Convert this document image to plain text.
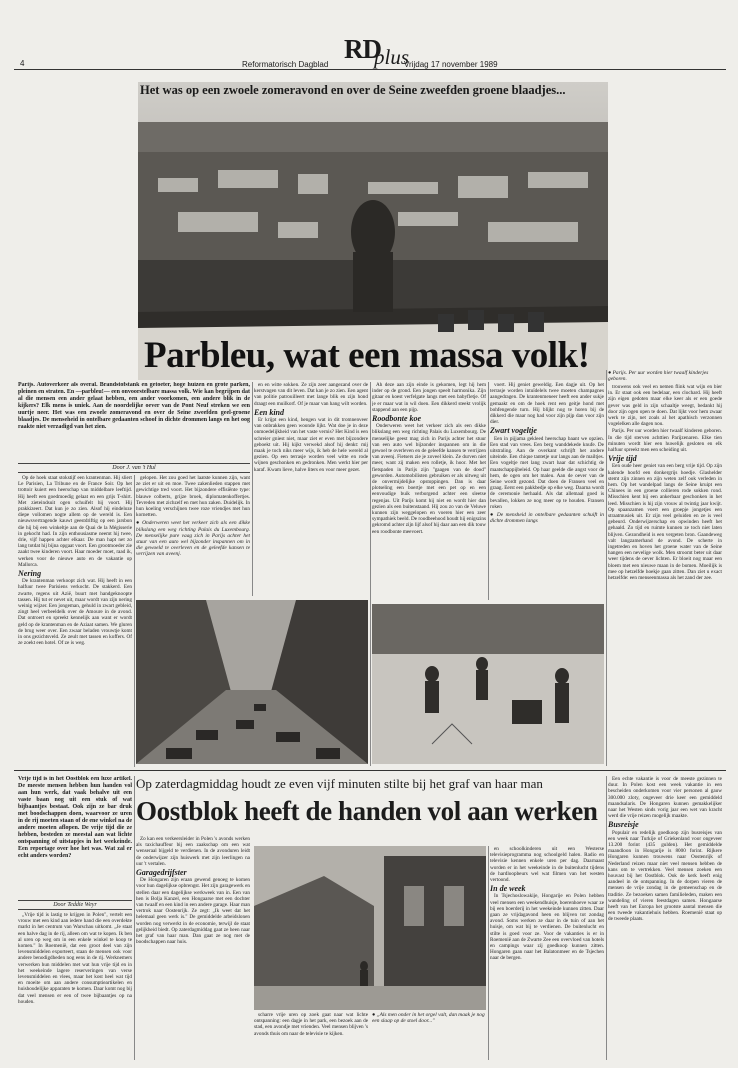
4	RD
plus
Reformatorisch Dagblad	Vrijdag 17 november 1989
Het was op een zwoele zomeravond en over de Seine zweefden groene blaadjes...
Parbleu, wat een massa volk!
Parijs. Autoverkeer als overal. Brandstofstank en getoeter, hoge huizen en grote parken, pleinen en straten. En —parbleu!— een onvoorstelbare massa volk. Wie kan begrijpen dat al die mensen een ander gelaat hebben, een ander voorkomen, een andere blik in de kijkers? Elk mens is uniek. Aan de noordelijke oever van de Pont Neuf streken we een uurtje neer. Het was een zwoele zomeravond en over de Seine zweefden geel-groene blaadjes. De menseheid in ontelbare gedaanten schoof in dichte drommen langs en het oog raakte niet verzadigd van het zien.
Door J. van 't Hul

Op de hoek staat stokstijf een krantenman. Hij sliert Le Parisien, La Tribune en de France Soir. Op het trottoir kuiert een heerschap van middelbare leeftijd. Hij heeft een goedmoedig gelaat en een grijs T-shirt. Met zieteindsuit ogen schuifelt hij voort. Hij prakkizeert. Dat kun je zo zien. Alsof hij eindeloze diepe vollomen nogte allem op de wereld is. Een nieuwsvertragende kauwt geestdriftig op een jarsbon die hij bij een winkeltje aan de Quai de la Mégisserie in gekocht had. In zijn enthousiasme neemt hij twee, drie, vijf happen achter elkaar. De man hapt net zo lang totdat hij bijna opgaat voort. Een grootmoeder zie zaakt twee kinderen voort. Haar moeder moet, raad ik, werken voor de nieuwe auto en de vakantie op Mallorca.

Nering

De krantenman verkoopt zich wat. Hij heeft in een halfuur twee Parisiens verkocht. De stakkerd. Een zwarte, regens uit Azië, buurt met handgeknoopte tassen. Hij tut er nevet uit, maar wordt van zijn nering weinig wijzer. Een jongeman, gehuld in zwart gebleid, zingt heel verbeeldelk over de Amoure in de avond. Dat ontroert en spreekt kennelijk aan want er wordt geld op de krantenman en de Aziaat samen. We gluren de brug weer over. Een zwaar beladen vrouwtje komt in ons gezichtsveld. Ze zeult met tassen en koffers. Of ze zoekt een hotel. Of ze is weg.

gelopen. Het zou goed het laatste kunnen zijn, want ze ziet er uit en moe. Twee zakenlieden stappen met gewichtige tred voort. Het bijzondere effisiënte type: blauwe colberts, grijze broek, diplomatenkoffertjes. Tevreden met zichzelf en met hun zaken. Duidelijk. In hun koeling verschijnen twee roze vriendjes met hun kornetten.

● Onderweren weet het verkeer zich als een dikke blikslang een weg richting Palais du Luxembourg. De menselijke pure vaag zich in Parijs achter het stuur van een auto wel bijzonder inspannen om in die gewoeld te overleven en de geleefde kansen te verrijzen van aveenj.

en en witte sokken. Ze zijn zeer aangezand over de kerstvagen van dit leven. Dat kan je zo zien. Een agent van politie patrouilleert met lange blik en zijn hond draagt een muilkorf. Of je maar van hang wilt worden.

Een kind

Er krijpt een kind, hengen wat in dit tromnenveer van onbrakken geen woonde lijkt. Wat doe je in deze onmoedelijkheid van het vaste vernis? Het Kind is een schreier gniest niet, maar ziet er even met bijzondere geboekt uit. Hij kijkt verwekd alsof hij denkt: mij maak je toch niks meer wijs, ik heb de hele wereld al gezien. Op een terrasje worden veel witte en rode wijnen geschonken en gedronken. Men werkt hier per karaf. Kwam lieve, halve liters en voor meer gezet.

Ah deze aan zijn einde is gekomen, legt hij hem inder op de grond. Een jongen speelt harmonika. Zijn gitaar en koest verfelgate langs met een babyfletje. Of je er maar wat in wil doen. Een dikkerd steekt vrolijk stappend aan een pijp.

Roodbonte koe

Onderweren weet het verkeer zich als een dikke blikslang een weg richting Palais du Luxembourg. De menselijke geest mag zich in Parijs achter het stuur van een auto wel bijzonder inspannen om in die gewoel te overleven en de geleefde kansen te verrijzen van aveenj. Fietsers zie je zoveel klein. Ze durven niet meer, want zij maken een rolletje, ik hoor. Met het fietspaden in Parijs zijn "gaagen van de dood" geworden. Automobilisten gebruiken er als uitweg uit de onvermijdelijke opstoppingen. Dan is daar plotseling een boertje met een pet op en een eenvoudige buik verborgend achter een sleetse regenjas. Uit Parijs komt hij niet en wordt hier dan gezien als een buitenstaand. Hij zou zo van de Veluwe kunnen zijn weggelopen en voeren hier een zeer sympathiek beeld. De roodbeehood houdt hij enigszins gekromd achter zijn lijf alsof hij daar aan een dik touw een roodbonte meevoert.

voert. Hij geniet geweldig. Een dagje uit. Op het terrasje worden intuïdelels twee moeten champagnes aangedragen. De krantenmeneer heeft een ander sukje gemaakt en om de hoek rent een geitje hond met bohfengende turn. Hij blijkt nog te horen bij de dikkerd die maar nog had voor zijn pijp dan voor zijn dier.

Zwart vogeltje

Een in pijjama gekleed heerschap baant we opzien. Een stad van vrees. Een berg wanddekede knufe. De uitstraling. Aan de overkant schrijft het andere uiteinde. Een chique tantetje uur langs aan de mailtjes. Een vogeltje met lang zwart haar dat schichtig de maatschappijbeleid. Op haar geelde die angst voor de hem, de ogen om het maleu. Aan de oever van de Seine wordt gezond. Dat doen de Fransen veel en graag. Eerst een pakkbedje op elke weg. Daarna wordt de ceremonie herhaald. Als dat allemaal goed is bevallen, lokken ze nog meer op te houden. Fransen roken

● De mensheid in ontelbare gedaanten schuift in dichte drommen langs

● Parijs. Per uur worden hier twaalf kinderjes geboren.

trouwens ook veel en nemen flink wat wijn en bier in. Er staat ook een bedelaar, een clochard. Hij heeft zijn eigen gedoten maar elke keer als er een goede gever was geld in zijn schaaltje weegt, bedankt hij door zijn ogen open te doen. Dat lijkt voor hem zwaar werk te zijn, net zoals al het apathisch verzonnen vogelelken alle dagen nou.

Parijs. Per uur worden hier twaalf kinderen geboren. In die tijd sterven achttien Parijzenaren. Elke tien minuten wordt hier een huwelijk gesloten en elk halfuur spreekt men een scheiding uit.

Vrije tijd

Een oude heer geniet van een berg vrije tijd. Op zijn kalende hoofd een donkergrijs hoedje. Glashelder stemt zijn zinnen en zijn weten zelf ook verleden in hem. Op het wandelpad langs de Seine kruipt een Chinees in een groene collieren rode sokken rond. Misschien kent hij een ankerbaar geschonken in het leed. Misschien is hij zijn vrouw al twintig jaar kwijt. Op spaanzamen voert een groepje jongetjes een straatmusiek uit. Er zijn veel geluiden en ze is veel gebeurd. Onderwijzerschap en opwinden heeft het gehaald. Zo tijd en ruimte kunnen ze toch niet laten blijven. Gezondheid is een vergeten bron. Gaandeweg valt langzamerhand de avond. De scherte in ingetreden en hoven het groene water van de Seine hangen een nevelige wolk. Men stroomt beter uit daar weer tijdens de oever lichten. Er bloeit nog maar een bloem met een nieuwe maan in de bomen. Moeilijk is mee op hetzelfde hoekje gaan zitten. Dan ziet u exact hetzelfde: een menseenmassa als het zand der zee.

Op zaterdagmiddag houdt ze even vijf minuten stilte bij het graf van haar man
Oostblok heeft de handen vol aan werken
Vrije tijd is in het Oostblok een luxe artikel. De meeste mensen hebben hun handen vol aan hun werk, dat vaak behalve uit een vaste baan nog uit een stuk of wat bijbaantjes bestaat. Ook zijn ze bar druk met boodschappen doen, waarvoor ze uren in de rij moeten staan of de ene winkel na de andere moeten aflopen. De vrije tijd die ze hebben, besteden ze meestal aan wat lichte ontspanning of uitstapjes in het weekeinde. Een reportage over hoe het was. Wat zal er echt anders worden?
Door Teddie Weyr

„Vrije tijd is lastig te krijgen in Polen", vertelt een vrouw met een kind aan iedere hand die een overdekte markt in het centrum van Warschau uitkomt. „Je staat een halve dag in de rij, alleen om wat te kopen. Ik ben al uren op weg om in een enkele winkel te koop te komen." In Roemenië, dat een groot deel van zijn levensmiddelen exporteert, staan de mensen ook voor andere benodigdheden nog eens in de rij. Werknemers verwerken hun middelen met wat hun vrije tijd en in het weekeinde lagere reserveringen van verse levensmiddelen en vlees, maar het kost heel wat tijd en moeite om aan andere consumptieartikelen en huishoudelijke apparaten te komen. Daar komt nog bij dat veel mensen er een of twee bijbaantjes op na houden.

Zo kan een verkeersleider in Polen 's avonds werken als taxichauffeur bij een zaakschap om een wat wenseraal bijgeld te verdienen. In de avonduren leidt de onderwijzer zijn huiswerk met zijn leerlingen na uur 't vertalen.

Garagedrijfster

De Hongaren zijn eraan gewend genoeg te komen voor hun dagelijkse opbrengst. Het zijn garagewerk en stellen daar een dagelijkse werkweek van in. Een van hen is Bolja Kanzel, een Hongaarse met een dochter van twaalf en een kind in een andere garage. Haar man vertrok naar Oostenrijk. Ze zegt: „Ik weet dat het helemaal geen werk is." De gemiddelde arbeidslonen worden nog verwerkt in de economie, terwijl de staat gelijkheid biedt. Op zaterdagmiddag gaat ze heen naar het graf van haar man. Dan gaat ze nog met de boodschappen naar huis.

● „Als men onder in het orgel valt, dan maak je nog een slaap op de stoel door..."

scharre vrije uren op zoek gaat naar wat lichte ontspanning: een dagje in het park, een bezoek aan de stad, een avondje met vrienden. Veel mensen blijven 's avonds thuis om naar de televisie te kijken.

en schoolkinderen uit een Westerse televisieprogramma nog schoolgeld halen. Radio en televisie kennen enkele uren per dag. Daarnaast worden er in het weekeinde in de buitenlucht tijdens de hardloopbeurs wel wat filmen van het westen vertoond.

In de week

In Tsjechoslowakije, Hongarije en Polen hebben veel mensen een weekendhuisje, boerenhoeve waar ze bij een boerderij in het weekeinde kunnen zitten. Daar gaan ze vrijdagavond heen en blijven tot zondag avond. Soms werken ze daar in de tuin of aan het huisje, om wat bij te verdienen. De buitenlucht en stilte is goed voor ze. Voor de vakanties is er in Roemenië aan de Zwarte Zee een overvloed van hotels en campings waar zij goedkoop kunnen zitten. Hongaren gaan naar het Balatonmeer en de Tsjechen naar de bergen.

Een echte vakantie is voor de meeste gezinnen te duur. In Polen kost een week vakantie in een bescheiden onderkomen voor vier personen al gauw 300.000 zloty, ongeveer drie keer een gemiddeld maandsalaris. De Hongaren kunnen gemakkelijker naar het Westen sinds vorig jaar een wet van kracht werd die vrije reizen mogelijk maakte.

Busreisje

Populair en redelijk goedkoop zijn busreisjes van een week naar Turkije of Griekenland voor ongeveer 13.200 forint (435 gulden). Het gemiddelde maandloon in Hongarije is 8000 forint. Rijkere Hongaren kunnen trouwens naar Oostenrijk of Nederland reizen maar niet veel mensen hebben de kans om te vertrekken. Veel mensen zoeken een houvast bij het Oostblok. Ook de kerk heeft enig aandeel in de ontspanning. In de dorpen vieren de mensen de vrije zondag in de gemeenschap en de traditie. Ze bezoeken samen familieleden, maken een wandeling of vieren feestdagen samen. Hongaarse heeft van het Europa het grootste aantal mensen die een tweede vakantiehuis hebben. Roemenië staat op de tweede plaats.
